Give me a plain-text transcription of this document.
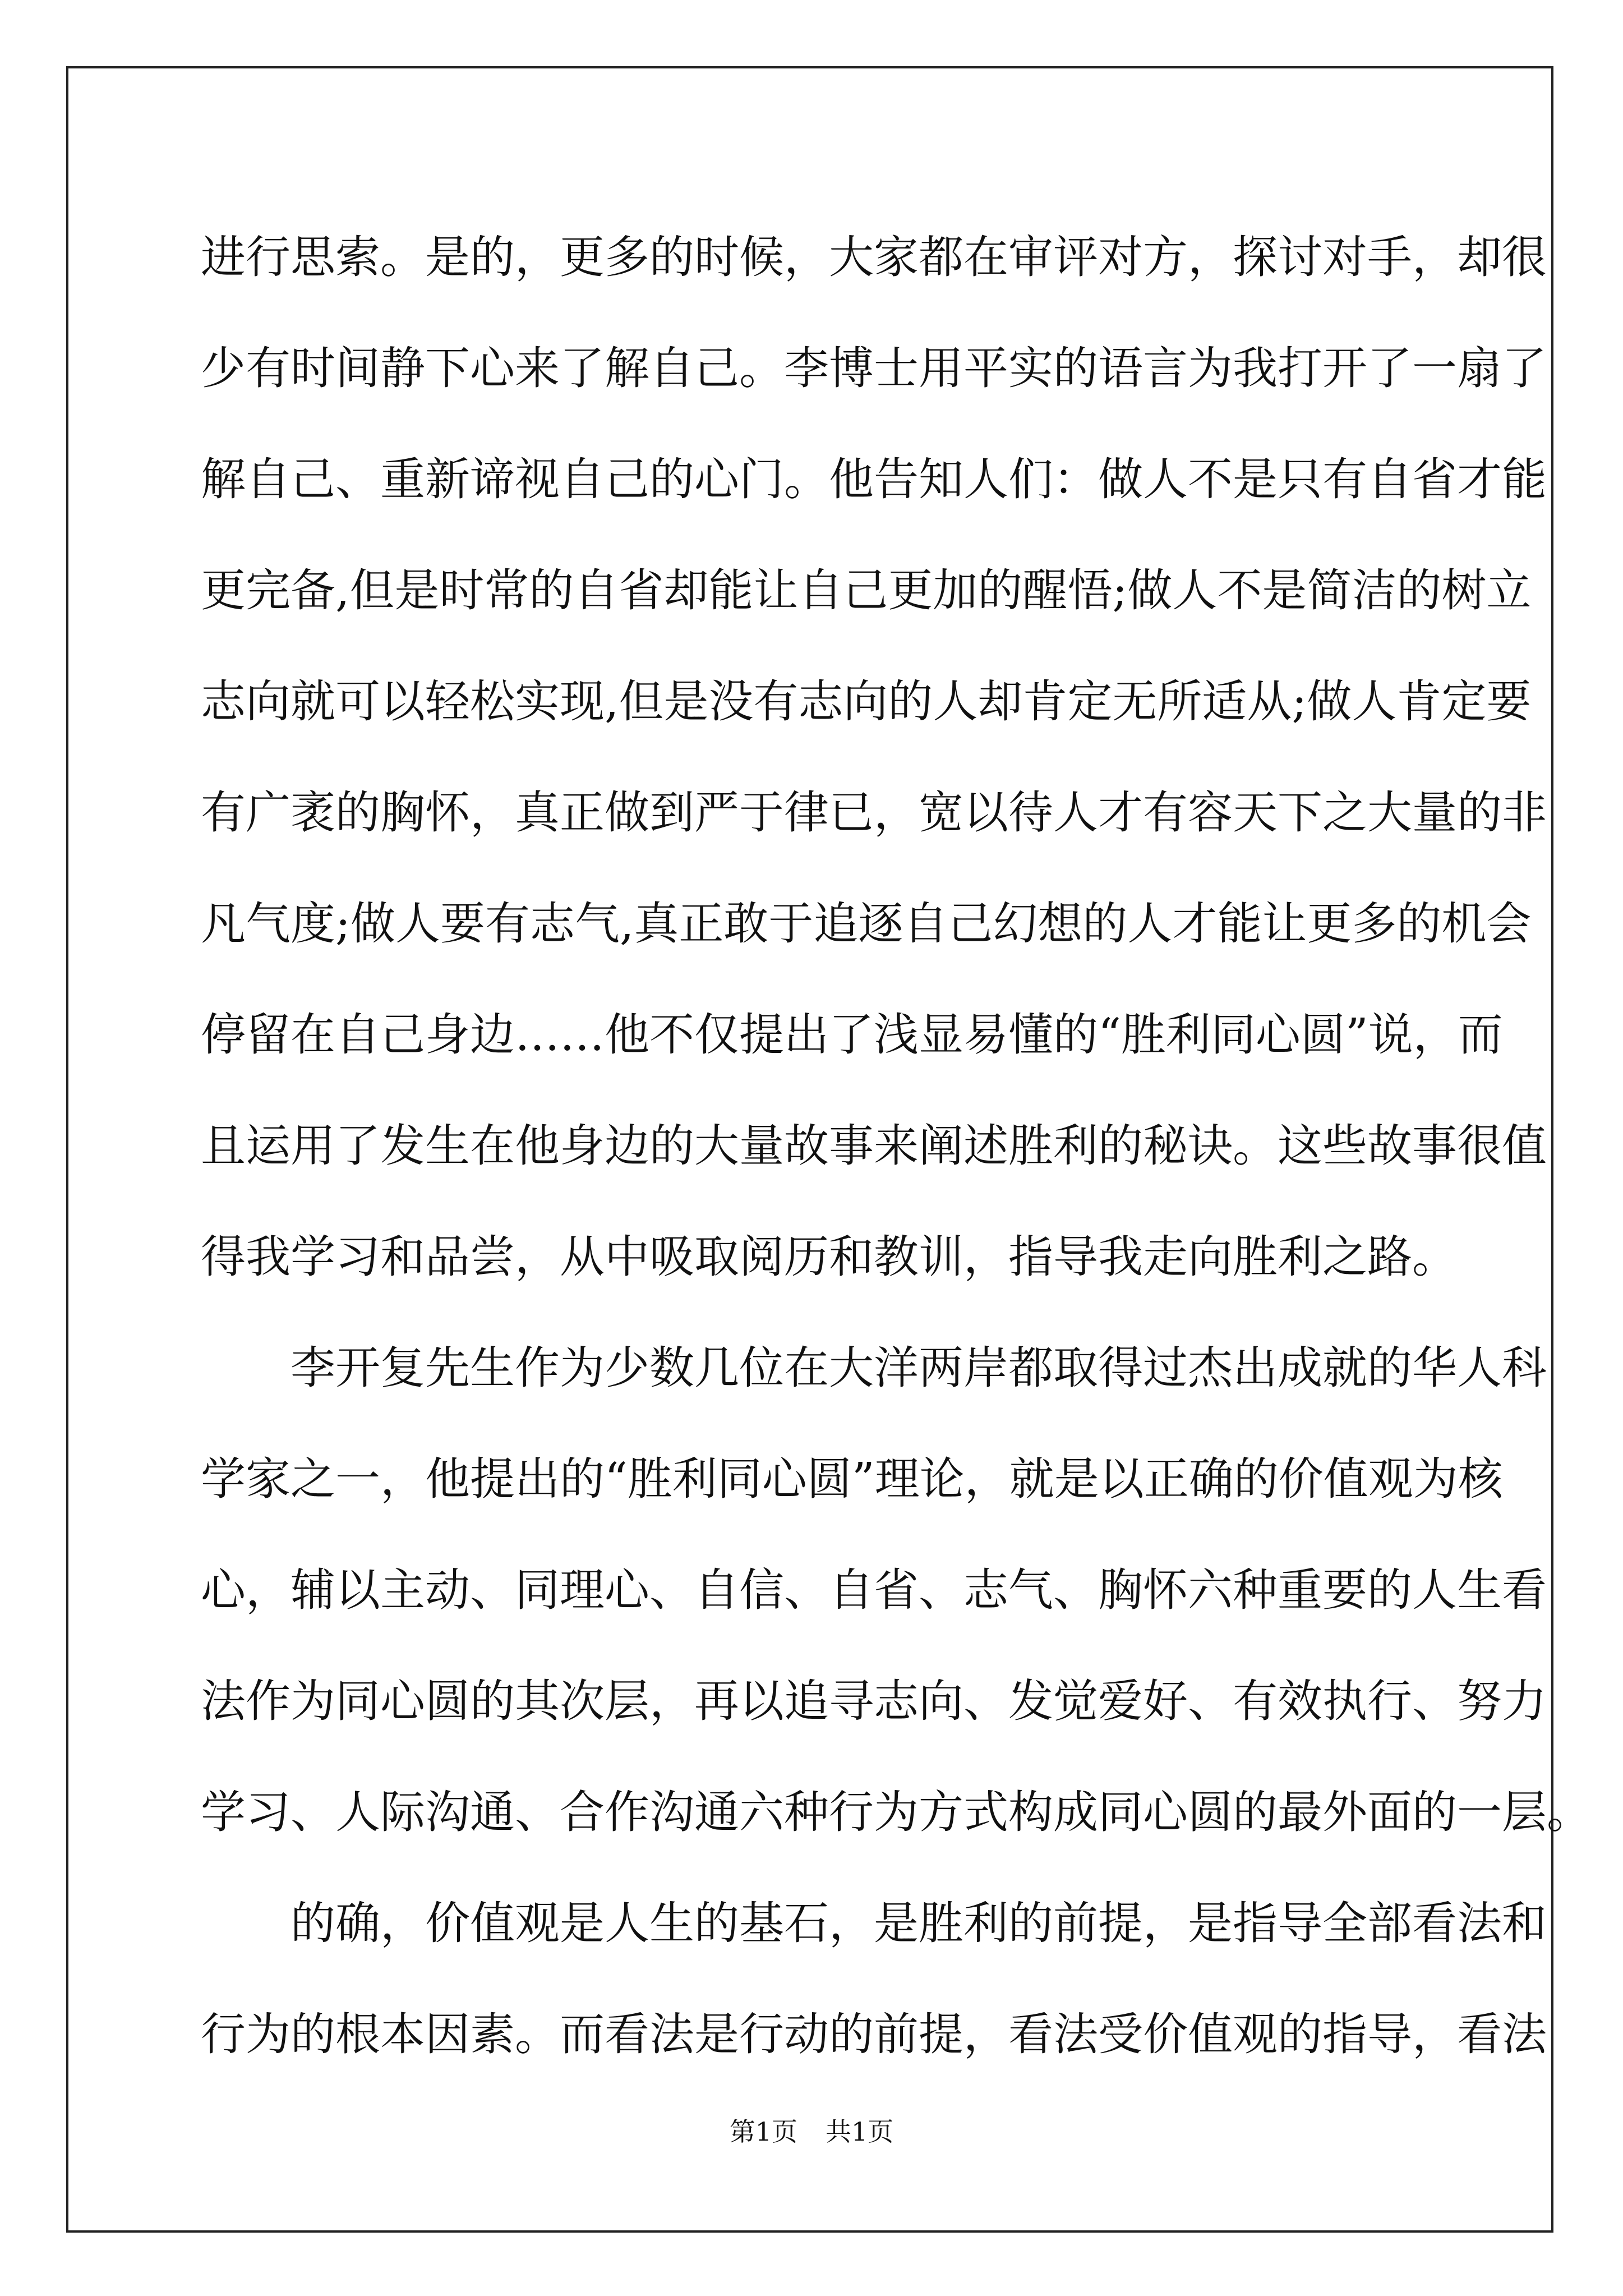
进行思索。是的，更多的时候，大家都在审评对方，探讨对手，却很
少有时间静下心来了解自己。李博士用平实的语言为我打开了一扇了
解自己、重新谛视自己的心门。他告知人们：做人不是只有自省才能
更完备,但是时常的自省却能让自己更加的醒悟;做人不是简洁的树立
志向就可以轻松实现,但是没有志向的人却肯定无所适从;做人肯定要
有广袤的胸怀，真正做到严于律已，宽以待人才有容天下之大量的非
凡气度;做人要有志气,真正敢于追逐自己幻想的人才能让更多的机会
停留在自己身边……他不仅提出了浅显易懂的“胜利同心圆”说，而
且运用了发生在他身边的大量故事来阐述胜利的秘诀。这些故事很值
得我学习和品尝，从中吸取阅历和教训，指导我走向胜利之路。
　　李开复先生作为少数几位在大洋两岸都取得过杰出成就的华人科
学家之一，他提出的“胜利同心圆”理论，就是以正确的价值观为核
心，辅以主动、同理心、自信、自省、志气、胸怀六种重要的人生看
法作为同心圆的其次层，再以追寻志向、发觉爱好、有效执行、努力
学习、人际沟通、合作沟通六种行为方式构成同心圆的最外面的一层。
　　的确，价值观是人生的基石，是胜利的前提，是指导全部看法和
行为的根本因素。而看法是行动的前提，看法受价值观的指导，看法
第1页 共1页
